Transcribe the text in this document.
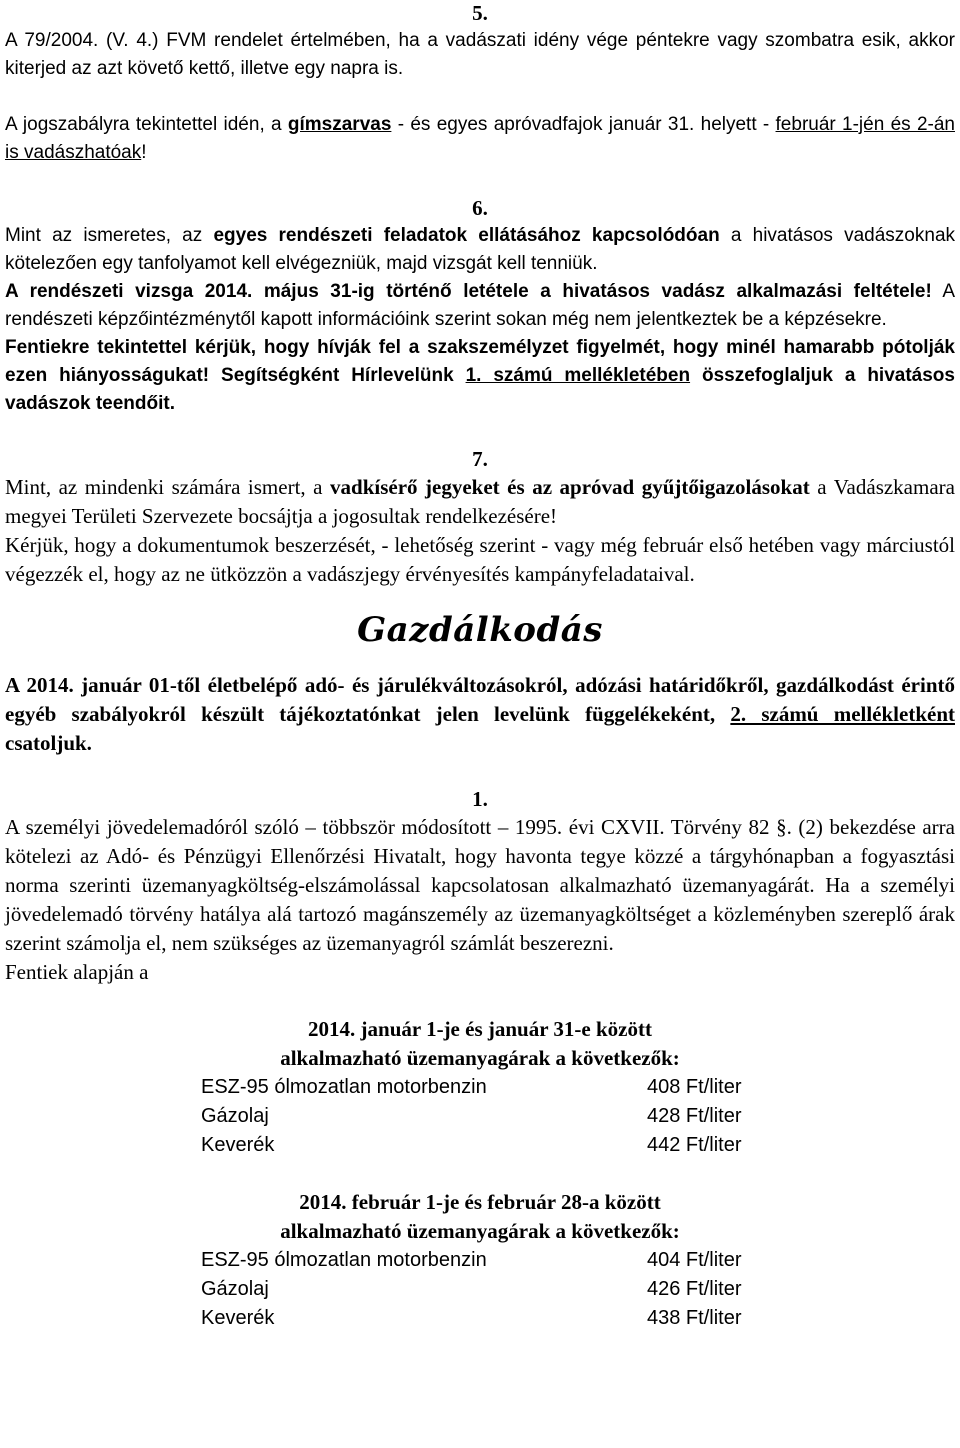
5.

A 79/2004. (V. 4.) FVM rendelet értelmében, ha a vadászati idény vége péntekre vagy szombatra esik, akkor kiterjed az azt követő kettő, illetve egy napra is.

A jogszabályra tekintettel idén, a gímszarvas - és egyes apróvadfajok január 31. helyett - február 1-jén és 2-án is vadászhatóak!

6.

Mint az ismeretes, az egyes rendészeti feladatok ellátásához kapcsolódóan a hivatásos vadászoknak kötelezően egy tanfolyamot kell elvégezniük, majd vizsgát kell tenniük.

A rendészeti vizsga 2014. május 31-ig történő letétele a hivatásos vadász alkalmazási feltétele! A rendészeti képzőintézménytől kapott információink szerint sokan még nem jelentkeztek be a képzésekre.

Fentiekre tekintettel kérjük, hogy hívják fel a szakszemélyzet figyelmét, hogy minél hamarabb pótolják ezen hiányosságukat! Segítségként Hírlevelünk 1. számú mellékletében összefoglaljuk a hivatásos vadászok teendőit.

7.

Mint, az mindenki számára ismert, a vadkísérő jegyeket és az apróvad gyűjtőigazolásokat a Vadászkamara megyei Területi Szervezete bocsájtja a jogosultak rendelkezésére!

Kérjük, hogy a dokumentumok beszerzését, - lehetőség szerint - vagy még február első hetében vagy márciustól végezzék el, hogy az ne ütközzön a vadászjegy érvényesítés kampányfeladataival.

Gazdálkodás

A 2014. január 01-től életbelépő adó- és járulékváltozásokról, adózási határidőkről, gazdálkodást érintő egyéb szabályokról készült tájékoztatónkat jelen levelünk függelékeként, 2. számú mellékletként csatoljuk.

1.

A személyi jövedelemadóról szóló – többször módosított – 1995. évi CXVII. Törvény 82 §. (2) bekezdése arra kötelezi az Adó- és Pénzügyi Ellenőrzési Hivatalt, hogy havonta tegye közzé a tárgyhónapban a fogyasztási norma szerinti üzemanyagköltség-elszámolással kapcsolatosan alkalmazható üzemanyagárát. Ha a személyi jövedelemadó törvény hatálya alá tartozó magánszemély az üzemanyagköltséget a közleményben szereplő árak szerint számolja el, nem szükséges az üzemanyagról számlát beszerezni.

Fentiek alapján a

2014. január 1-je és január 31-e között
alkalmazható üzemanyagárak a következők:
ESZ-95 ólmozatlan motorbenzin	408 Ft/liter
Gázolaj	428 Ft/liter
Keverék	442 Ft/liter
2014. február 1-je és február 28-a között
alkalmazható üzemanyagárak a következők:
ESZ-95 ólmozatlan motorbenzin	404 Ft/liter
Gázolaj	426 Ft/liter
Keverék	438 Ft/liter
